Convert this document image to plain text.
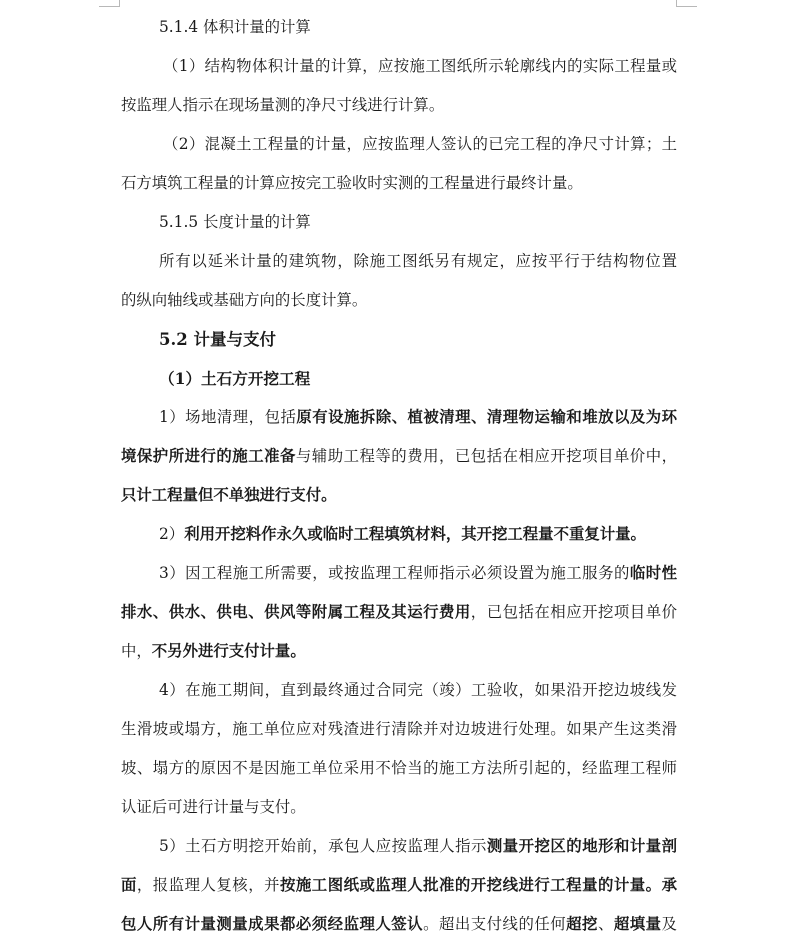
5.1.4 体积计量的计算
（1）结构物体积计量的计算，应按施工图纸所示轮廓线内的实际工程量或
按监理人指示在现场量测的净尺寸线进行计算。
（2）混凝土工程量的计量，应按监理人签认的已完工程的净尺寸计算；土
石方填筑工程量的计算应按完工验收时实测的工程量进行最终计量。
5.1.5 长度计量的计算
所有以延米计量的建筑物，除施工图纸另有规定，应按平行于结构物位置
的纵向轴线或基础方向的长度计算。
5.2 计量与支付
（1）土石方开挖工程
1）场地清理，包括原有设施拆除、植被清理、清理物运输和堆放以及为环
境保护所进行的施工准备与辅助工程等的费用，已包括在相应开挖项目单价中，
只计工程量但不单独进行支付。
2）利用开挖料作永久或临时工程填筑材料，其开挖工程量不重复计量。
3）因工程施工所需要，或按监理工程师指示必须设置为施工服务的临时性
排水、供水、供电、供风等附属工程及其运行费用，已包括在相应开挖项目单价
中，不另外进行支付计量。
4）在施工期间，直到最终通过合同完（竣）工验收，如果沿开挖边坡线发
生滑坡或塌方，施工单位应对残渣进行清除并对边坡进行处理。如果产生这类滑
坡、塌方的原因不是因施工单位采用不恰当的施工方法所引起的，经监理工程师
认证后可进行计量与支付。
5）土石方明挖开始前，承包人应按监理人指示测量开挖区的地形和计量剖
面，报监理人复核，并按施工图纸或监理人批准的开挖线进行工程量的计量。承
包人所有计量测量成果都必须经监理人签认。超出支付线的任何超挖、超填量及
